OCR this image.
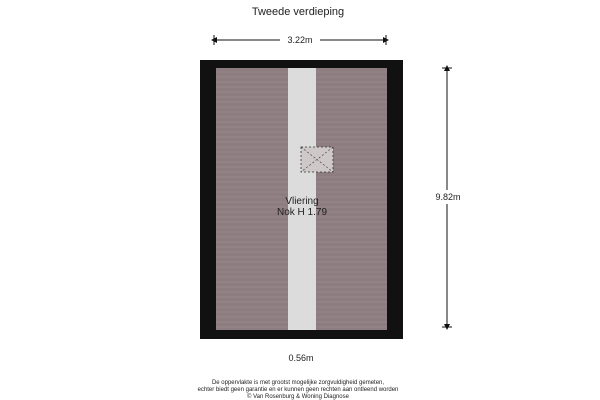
Tweede verdieping
3.22m
9.82m
Vliering
Nok H 1.79
0.56m
De oppervlakte is met grootst mogelijke zorgvuldigheid gemeten,
echter biedt geen garantie en er kunnen geen rechten aan ontleend worden
© Van Rosenburg & Woning Diagnose
